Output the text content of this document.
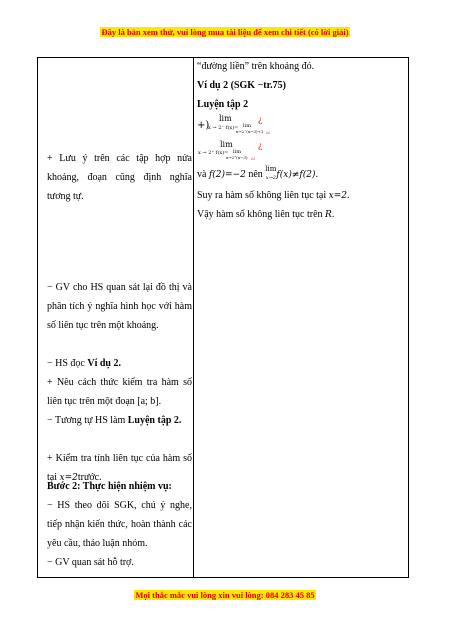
Đây là bản xem thử, vui lòng mua tài liệu để xem chi tiết (có lời giải)

+ Lưu ý trên các tập hợp nửa khoảng, đoạn cũng định nghĩa tương tự.
− GV cho HS quan sát lại đồ thị và phân tích ý nghĩa hình học với hàm số liên tục trên một khoảng.
− HS đọc Ví dụ 2.
+ Nêu cách thức kiểm tra hàm số liên tục trên một đoạn [a; b].
− Tương tự HS làm Luyện tập 2.
+ Kiểm tra tính liên tục của hàm số tại x=2trước.
Bước 2: Thực hiện nhiệm vụ:
− HS theo dõi SGK, chú ý nghe, tiếp nhận kiến thức, hoàn thành các yêu cầu, thảo luận nhóm.
− GV quan sát hỗ trợ.
“đường liền” trên khoảng đó.
Ví dụ 2 (SGK −tr.75)
Luyện tập 2
lim
+)
x → 2⁻ f(x)= lim
x→2⁻(x−3)+1
¿
¿¿
lim
x → 2⁺ f(x)= lim
x→2⁺(x−3)
¿
¿¿
và f(2)=−2 nên lim
x→2f(x)≠f(2).
Suy ra hàm số không liên tục tại x=2.
Vậy hàm số không liên tục trên R.
Mọi thắc mắc vui lòng xin vui lòng: 084 283 45 85
